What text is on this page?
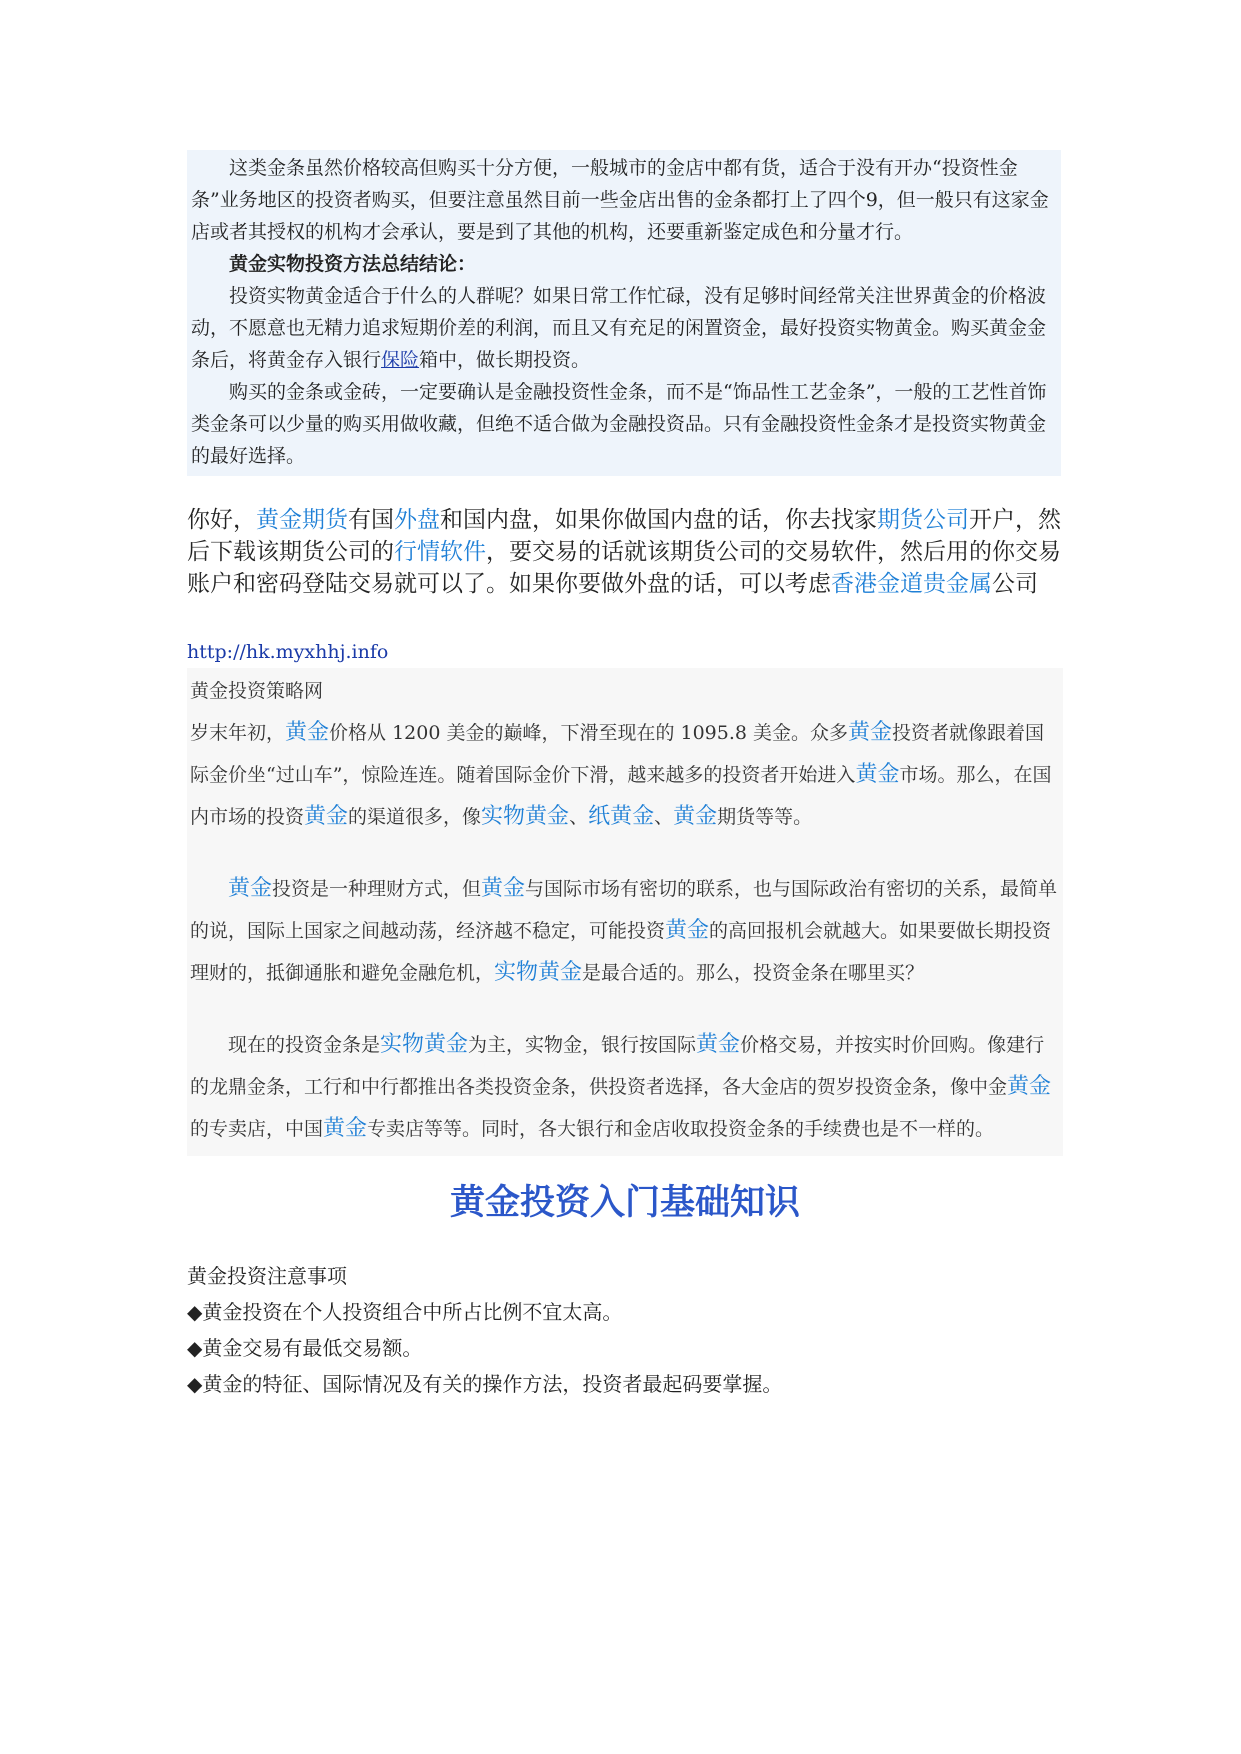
这类金条虽然价格较高但购买十分方便，一般城市的金店中都有货，适合于没有开办“投资性金条”业务地区的投资者购买，但要注意虽然目前一些金店出售的金条都打上了四个9，但一般只有这家金店或者其授权的机构才会承认，要是到了其他的机构，还要重新鉴定成色和分量才行。

黄金实物投资方法总结结论：

投资实物黄金适合于什么的人群呢？如果日常工作忙碌，没有足够时间经常关注世界黄金的价格波动，不愿意也无精力追求短期价差的利润，而且又有充足的闲置资金，最好投资实物黄金。购买黄金金条后，将黄金存入银行保险箱中，做长期投资。

购买的金条或金砖，一定要确认是金融投资性金条，而不是“饰品性工艺金条”，一般的工艺性首饰类金条可以少量的购买用做收藏，但绝不适合做为金融投资品。只有金融投资性金条才是投资实物黄金的最好选择。

你好，黄金期货有国外盘和国内盘，如果你做国内盘的话，你去找家期货公司开户，然后下载该期货公司的行情软件，要交易的话就该期货公司的交易软件，然后用的你交易账户和密码登陆交易就可以了。如果你要做外盘的话，可以考虑香港金道贵金属公司

http://hk.myxhhj.info

黄金投资策略网

岁末年初，黄金价格从 1200 美金的巅峰，下滑至现在的 1095.8 美金。众多黄金投资者就像跟着国际金价坐“过山车”，惊险连连。随着国际金价下滑，越来越多的投资者开始进入黄金市场。那么，在国内市场的投资黄金的渠道很多，像实物黄金、纸黄金、黄金期货等等。

黄金投资是一种理财方式，但黄金与国际市场有密切的联系，也与国际政治有密切的关系，最简单的说，国际上国家之间越动荡，经济越不稳定，可能投资黄金的高回报机会就越大。如果要做长期投资理财的，抵御通胀和避免金融危机，实物黄金是最合适的。那么，投资金条在哪里买？

现在的投资金条是实物黄金为主，实物金，银行按国际黄金价格交易，并按实时价回购。像建行的龙鼎金条，工行和中行都推出各类投资金条，供投资者选择，各大金店的贺岁投资金条，像中金黄金的专卖店，中国黄金专卖店等等。同时，各大银行和金店收取投资金条的手续费也是不一样的。

黄金投资入门基础知识

黄金投资注意事项

◆黄金投资在个人投资组合中所占比例不宜太高。

◆黄金交易有最低交易额。

◆黄金的特征、国际情况及有关的操作方法，投资者最起码要掌握。
